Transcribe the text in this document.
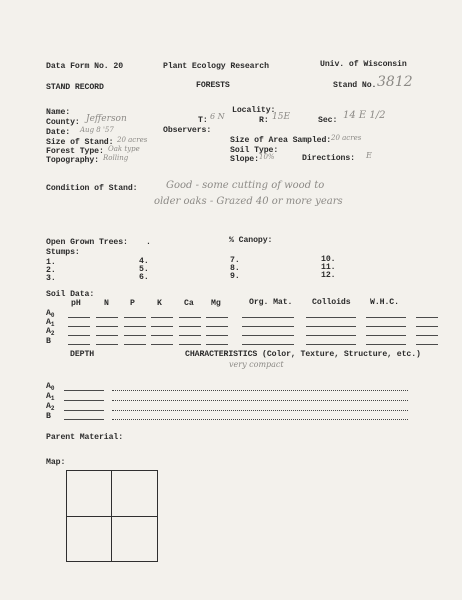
Data Form No. 20	Plant Ecology Research	Univ. of Wisconsin
STAND RECORD	FORESTS	Stand No. 3812
Name:	Locality:
County: Jefferson	T: 6 N	R: 15E	Sec: 14 E 1/2
Date: Aug 8 '57	Observers:
Size of Stand: 20 acres	Size of Area Sampled: 20 acres
Forest Type: Oak type	Soil Type:
Topography: Rolling	Slope: 10%	Directions: E
Condition of Stand:	Good - some cutting of wood to
older oaks - Grazed 40 or more years
Open Grown Trees: .	% Canopy:
Stumps:
1.
2.
3.
4.
5.
6.
7.
8.
9.
10.
11.
12.
Soil Data:
pH	N	P	K	Ca Mg	Org. Mat. Colloids W.H.C.
$A_0$
$A_1$
$A_2$
B
DEPTH	CHARACTERISTICS (Color, Texture, Structure, etc.)
very compact
$A_0$
$A_1$
$A_2$
B
Parent Material:
Map:
